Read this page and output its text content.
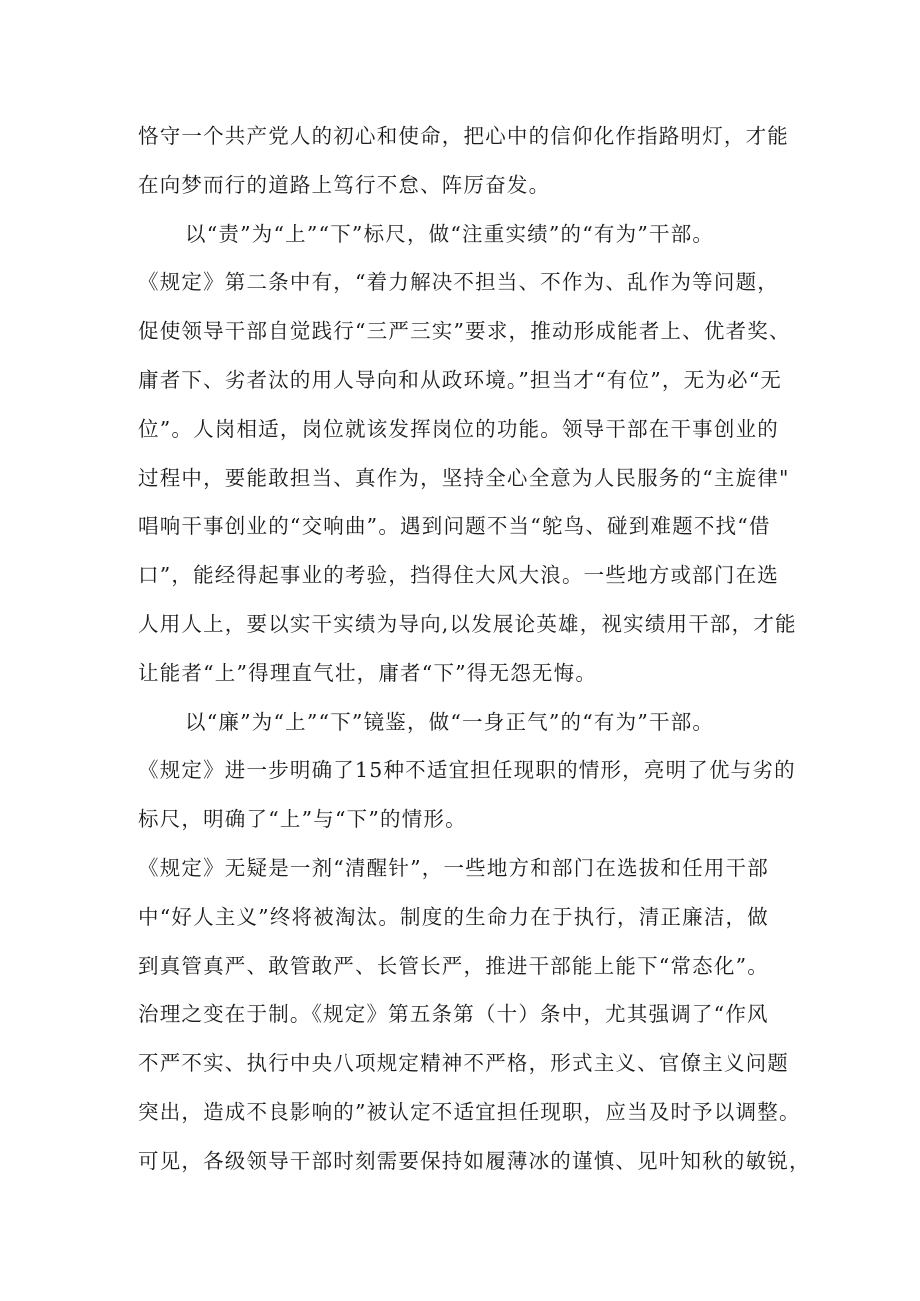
恪守一个共产党人的初心和使命，把心中的信仰化作指路明灯，才能
在向梦而行的道路上笃行不怠、阵厉奋发。
以“责”为“上”“下”标尺，做“注重实绩”的“有为”干部。
《规定》第二条中有，“着力解决不担当、不作为、乱作为等问题，
促使领导干部自觉践行“三严三实”要求，推动形成能者上、优者奖、
庸者下、劣者汰的用人导向和从政环境。”担当才“有位”，无为必“无
位”。人岗相适，岗位就该发挥岗位的功能。领导干部在干事创业的
过程中，要能敢担当、真作为，坚持全心全意为人民服务的“主旋律"
唱响干事创业的“交响曲”。遇到问题不当“鸵鸟、碰到难题不找“借
口”，能经得起事业的考验，挡得住大风大浪。一些地方或部门在选
人用人上，要以实干实绩为导向,以发展论英雄，视实绩用干部，才能
让能者“上”得理直气壮，庸者“下”得无怨无悔。
以“廉”为“上”“下”镜鉴，做“一身正气”的“有为”干部。
《规定》进一步明确了15种不适宜担任现职的情形，亮明了优与劣的
标尺，明确了“上”与“下”的情形。
《规定》无疑是一剂“清醒针”，一些地方和部门在选拔和任用干部
中“好人主义”终将被淘汰。制度的生命力在于执行，清正廉洁，做
到真管真严、敢管敢严、长管长严，推进干部能上能下“常态化”。
治理之变在于制。《规定》第五条第（十）条中，尤其强调了“作风
不严不实、执行中央八项规定精神不严格，形式主义、官僚主义问题
突出，造成不良影响的”被认定不适宜担任现职，应当及时予以调整。
可见，各级领导干部时刻需要保持如履薄冰的谨慎、见叶知秋的敏锐，
